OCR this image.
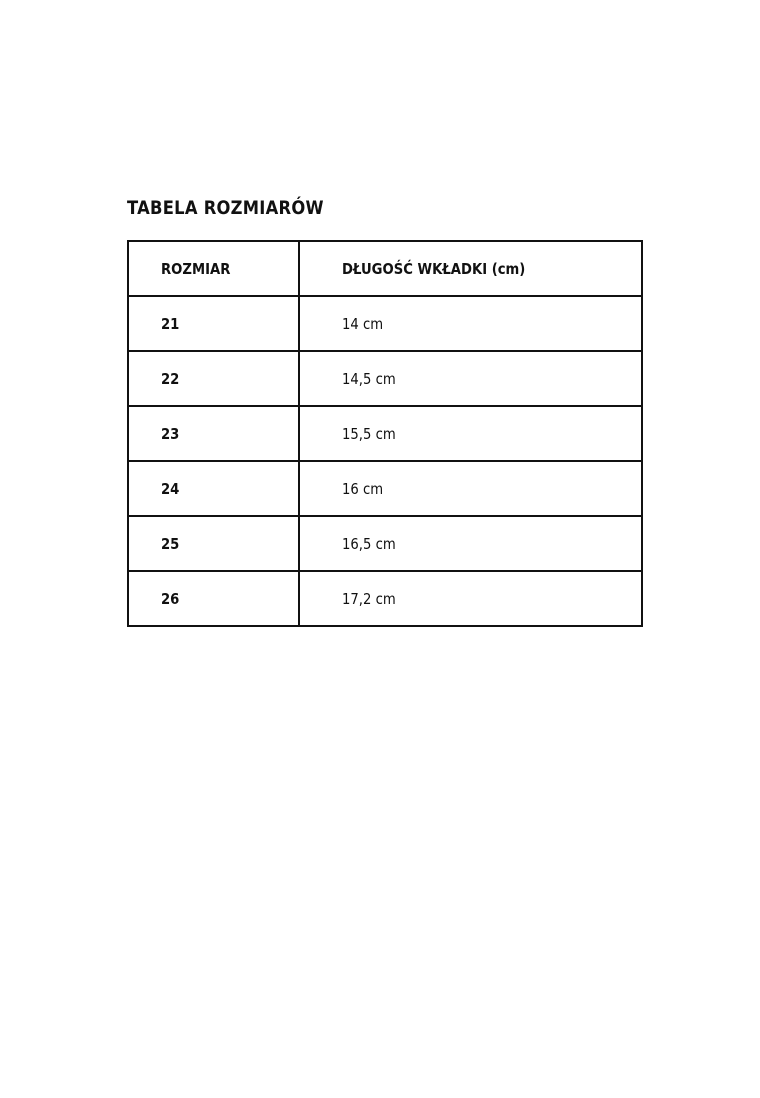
TABELA ROZMIARÓW
ROZMIAR	DŁUGOŚĆ WKŁADKI (cm)
21	14 cm
22	14,5 cm
23	15,5 cm
24	16 cm
25	16,5 cm
26	17,2 cm
